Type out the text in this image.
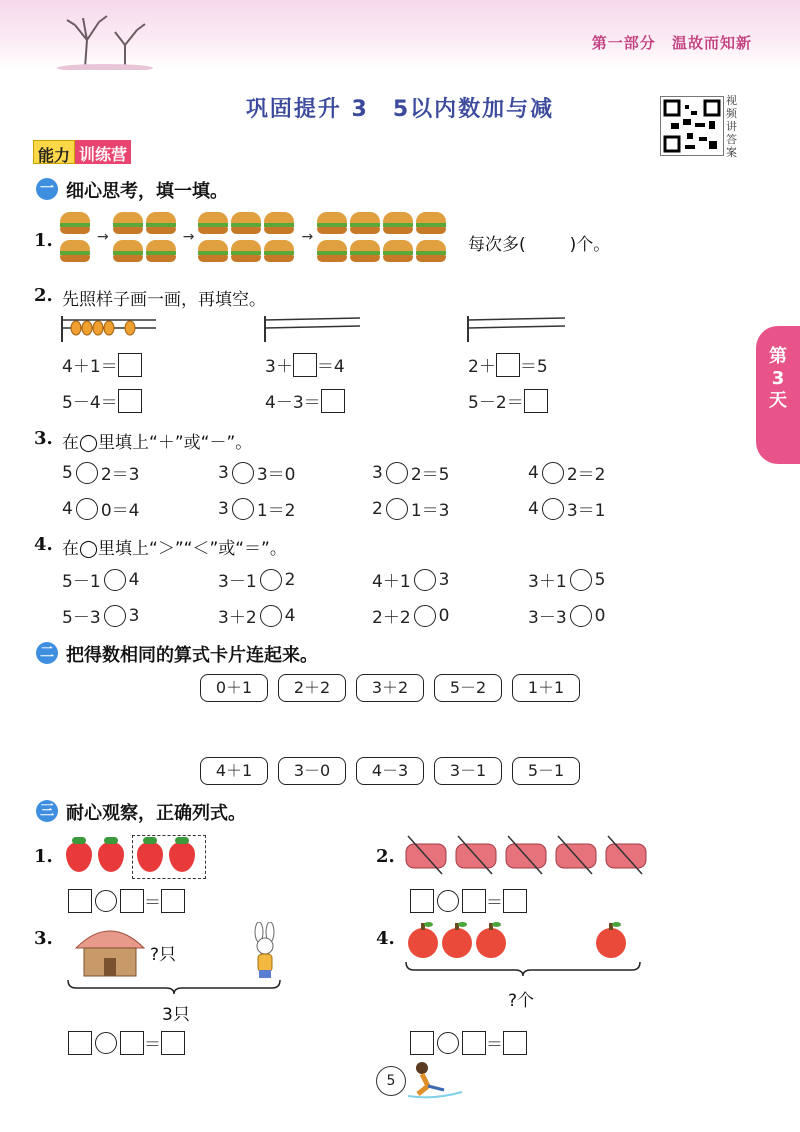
第一部分 温故而知新
巩固提升 3　5以内数加与减	视频讲答案
能力 训练营
一 细心思考，填一填。
1.	→	→	→	每次多(	)个。
2. 先照样子画一画，再填空。
4＋1＝	3＋ ＝4	2＋ ＝5
5－4＝	4－3＝	5－2＝
3. 在◯里填上“＋”或“－”。
5 2＝3	3 3＝0	3 2＝5	4 2＝2
4 0＝4	3 1＝2	2 1＝3	4 3＝1
4. 在◯里填上“＞”“＜”或“＝”。
5－1 4	3－1 2	4＋1 3	3＋1 5
5－3 3	3＋2 4	2＋2 0	3－3 0
二 把得数相同的算式卡片连起来。
0＋1	2＋2	3＋2	5－2	1＋1
4＋1	3－0	4－3	3－1	5－1
三 耐心观察，正确列式。
1.
＝
2.
＝
3.
?只
3只
＝
4.
?个
＝
第3天
5
